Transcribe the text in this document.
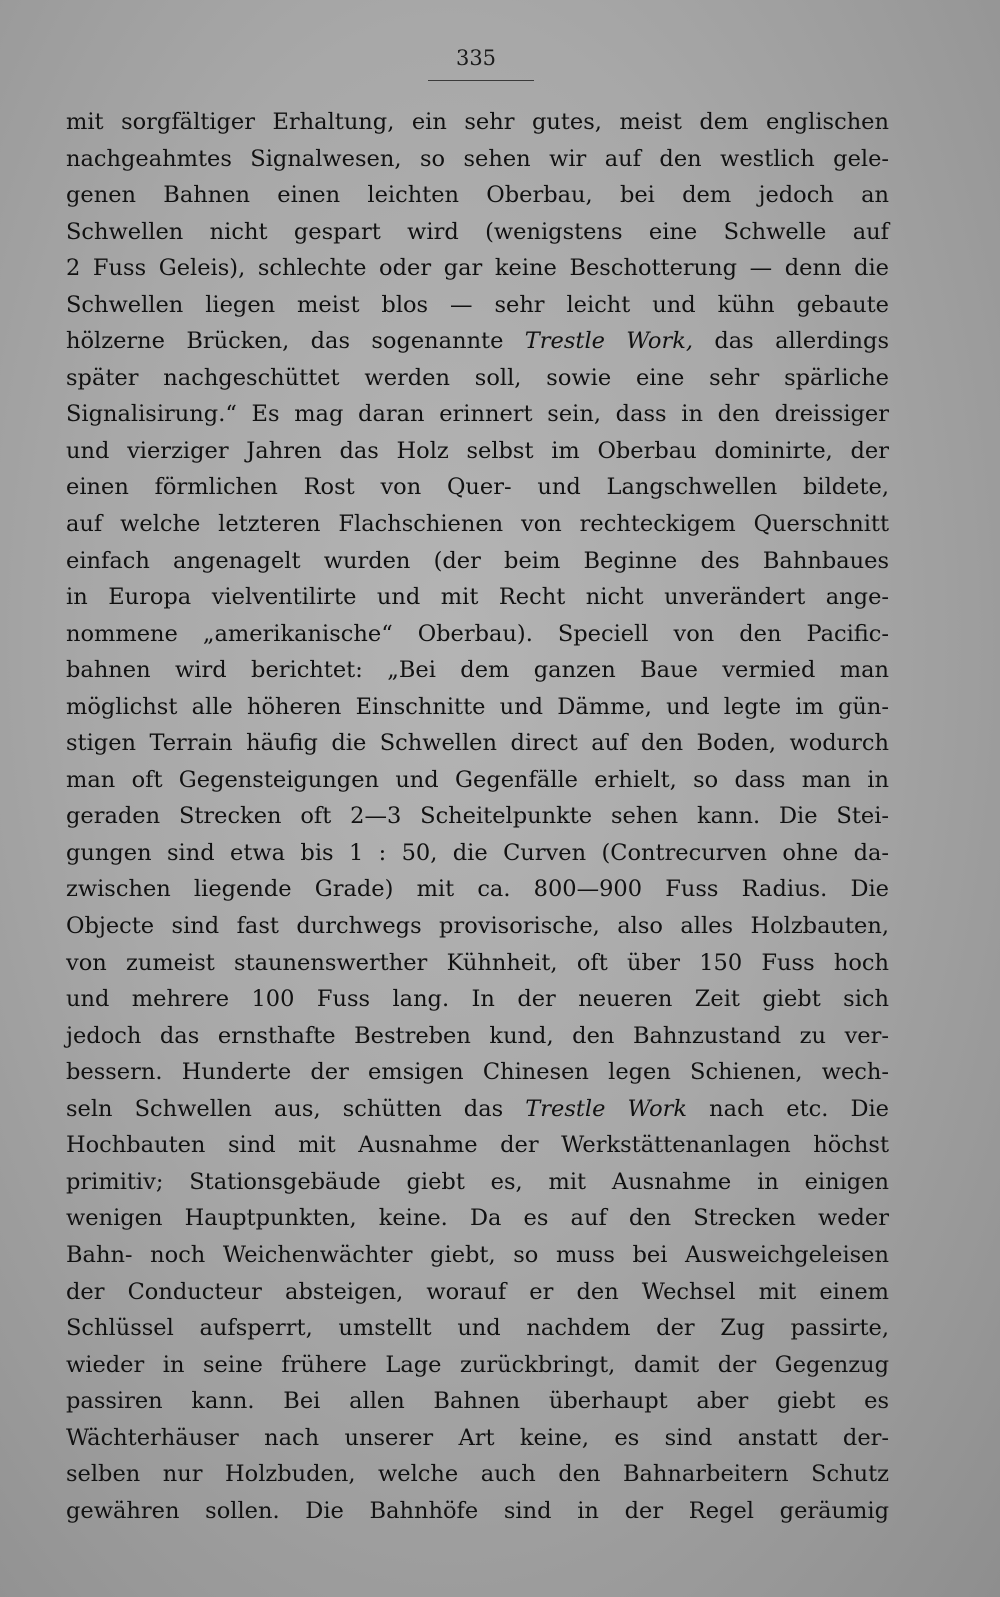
335
mit sorgfältiger Erhaltung, ein sehr gutes, meist dem englischen
nachgeahmtes Signalwesen, so sehen wir auf den westlich gele-
genen Bahnen einen leichten Oberbau, bei dem jedoch an
Schwellen nicht gespart wird (wenigstens eine Schwelle auf
2 Fuss Geleis), schlechte oder gar keine Beschotterung — denn die
Schwellen liegen meist blos — sehr leicht und kühn gebaute
hölzerne Brücken, das sogenannte Trestle Work, das allerdings
später nachgeschüttet werden soll, sowie eine sehr spärliche
Signalisirung.“ Es mag daran erinnert sein, dass in den dreissiger
und vierziger Jahren das Holz selbst im Oberbau dominirte, der
einen förmlichen Rost von Quer- und Langschwellen bildete,
auf welche letzteren Flachschienen von rechteckigem Querschnitt
einfach angenagelt wurden (der beim Beginne des Bahnbaues
in Europa vielventilirte und mit Recht nicht unverändert ange-
nommene „amerikanische“ Oberbau). Speciell von den Pacific-
bahnen wird berichtet: „Bei dem ganzen Baue vermied man
möglichst alle höheren Einschnitte und Dämme, und legte im gün-
stigen Terrain häufig die Schwellen direct auf den Boden, wodurch
man oft Gegensteigungen und Gegenfälle erhielt, so dass man in
geraden Strecken oft 2—3 Scheitelpunkte sehen kann. Die Stei-
gungen sind etwa bis 1 : 50, die Curven (Contrecurven ohne da-
zwischen liegende Grade) mit ca. 800—900 Fuss Radius. Die
Objecte sind fast durchwegs provisorische, also alles Holzbauten,
von zumeist staunenswerther Kühnheit, oft über 150 Fuss hoch
und mehrere 100 Fuss lang. In der neueren Zeit giebt sich
jedoch das ernsthafte Bestreben kund, den Bahnzustand zu ver-
bessern. Hunderte der emsigen Chinesen legen Schienen, wech-
seln Schwellen aus, schütten das Trestle Work nach etc. Die
Hochbauten sind mit Ausnahme der Werkstättenanlagen höchst
primitiv; Stationsgebäude giebt es, mit Ausnahme in einigen
wenigen Hauptpunkten, keine. Da es auf den Strecken weder
Bahn- noch Weichenwächter giebt, so muss bei Ausweichgeleisen
der Conducteur absteigen, worauf er den Wechsel mit einem
Schlüssel aufsperrt, umstellt und nachdem der Zug passirte,
wieder in seine frühere Lage zurückbringt, damit der Gegenzug
passiren kann. Bei allen Bahnen überhaupt aber giebt es
Wächterhäuser nach unserer Art keine, es sind anstatt der-
selben nur Holzbuden, welche auch den Bahnarbeitern Schutz
gewähren sollen. Die Bahnhöfe sind in der Regel geräumig
